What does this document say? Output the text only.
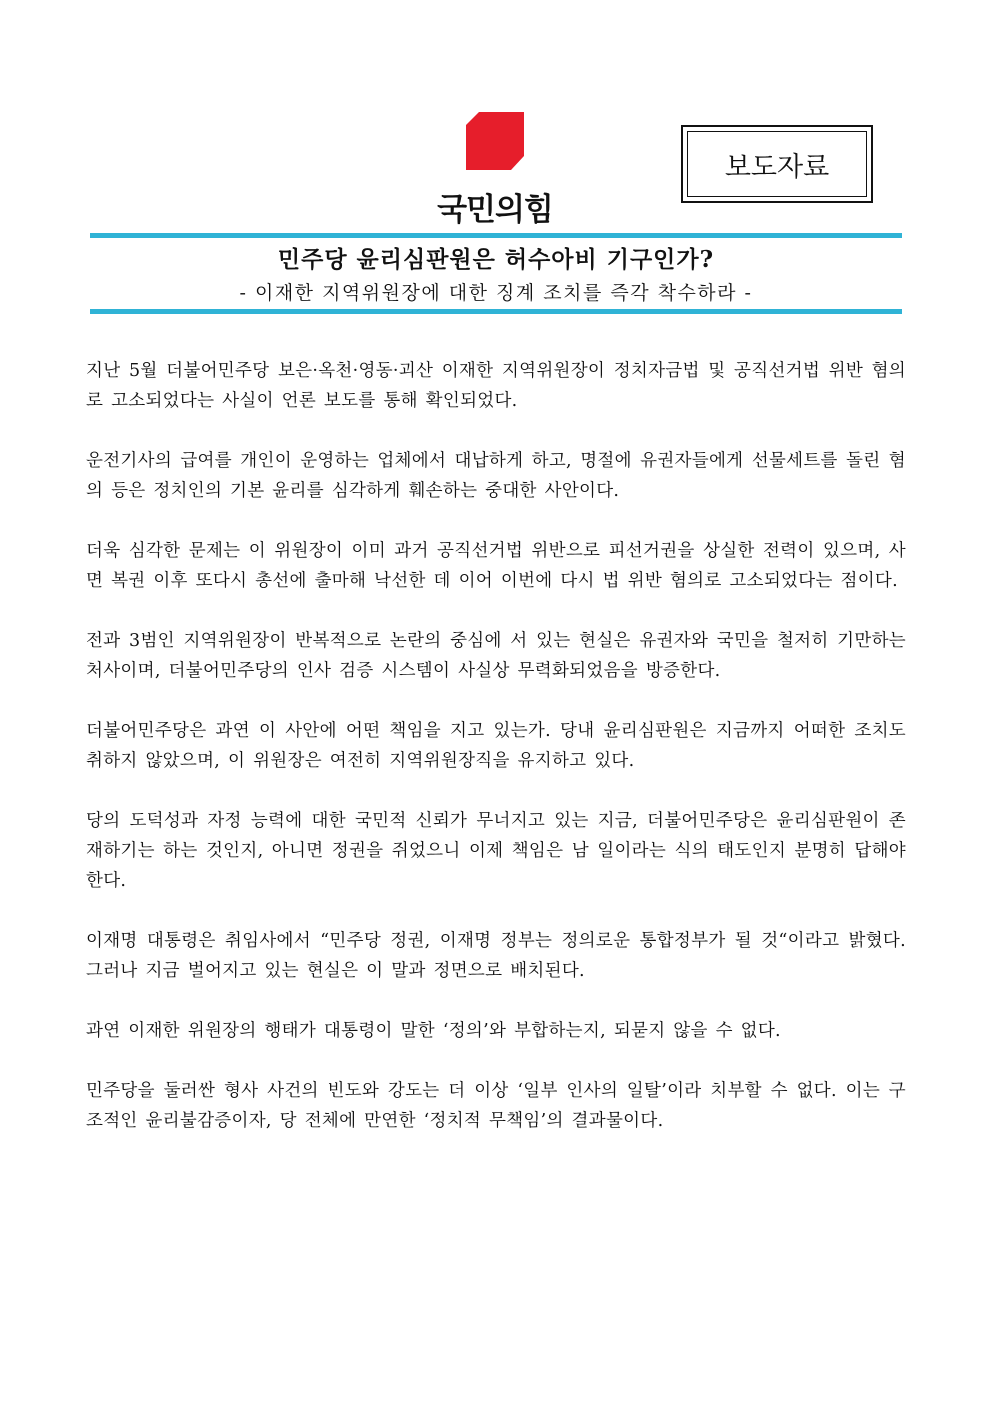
국민의힘
보도자료
민주당 윤리심판원은 허수아비 기구인가?
- 이재한 지역위원장에 대한 징계 조치를 즉각 착수하라 -

지난 5월 더불어민주당 보은·옥천·영동·괴산 이재한 지역위원장이 정치자금법 및 공직선거법 위반 혐의로 고소되었다는 사실이 언론 보도를 통해 확인되었다.

운전기사의 급여를 개인이 운영하는 업체에서 대납하게 하고, 명절에 유권자들에게 선물세트를 돌린 혐의 등은 정치인의 기본 윤리를 심각하게 훼손하는 중대한 사안이다.

더욱 심각한 문제는 이 위원장이 이미 과거 공직선거법 위반으로 피선거권을 상실한 전력이 있으며, 사면 복권 이후 또다시 총선에 출마해 낙선한 데 이어 이번에 다시 법 위반 혐의로 고소되었다는 점이다.

전과 3범인 지역위원장이 반복적으로 논란의 중심에 서 있는 현실은 유권자와 국민을 철저히 기만하는 처사이며, 더불어민주당의 인사 검증 시스템이 사실상 무력화되었음을 방증한다.

더불어민주당은 과연 이 사안에 어떤 책임을 지고 있는가. 당내 윤리심판원은 지금까지 어떠한 조치도 취하지 않았으며, 이 위원장은 여전히 지역위원장직을 유지하고 있다.

당의 도덕성과 자정 능력에 대한 국민적 신뢰가 무너지고 있는 지금, 더불어민주당은 윤리심판원이 존재하기는 하는 것인지, 아니면 정권을 쥐었으니 이제 책임은 남 일이라는 식의 태도인지 분명히 답해야 한다.

이재명 대통령은 취임사에서 “민주당 정권, 이재명 정부는 정의로운 통합정부가 될 것“이라고 밝혔다. 그러나 지금 벌어지고 있는 현실은 이 말과 정면으로 배치된다.

과연 이재한 위원장의 행태가 대통령이 말한 ‘정의’와 부합하는지, 되묻지 않을 수 없다.

민주당을 둘러싼 형사 사건의 빈도와 강도는 더 이상 ‘일부 인사의 일탈’이라 치부할 수 없다. 이는 구조적인 윤리불감증이자, 당 전체에 만연한 ‘정치적 무책임’의 결과물이다.
